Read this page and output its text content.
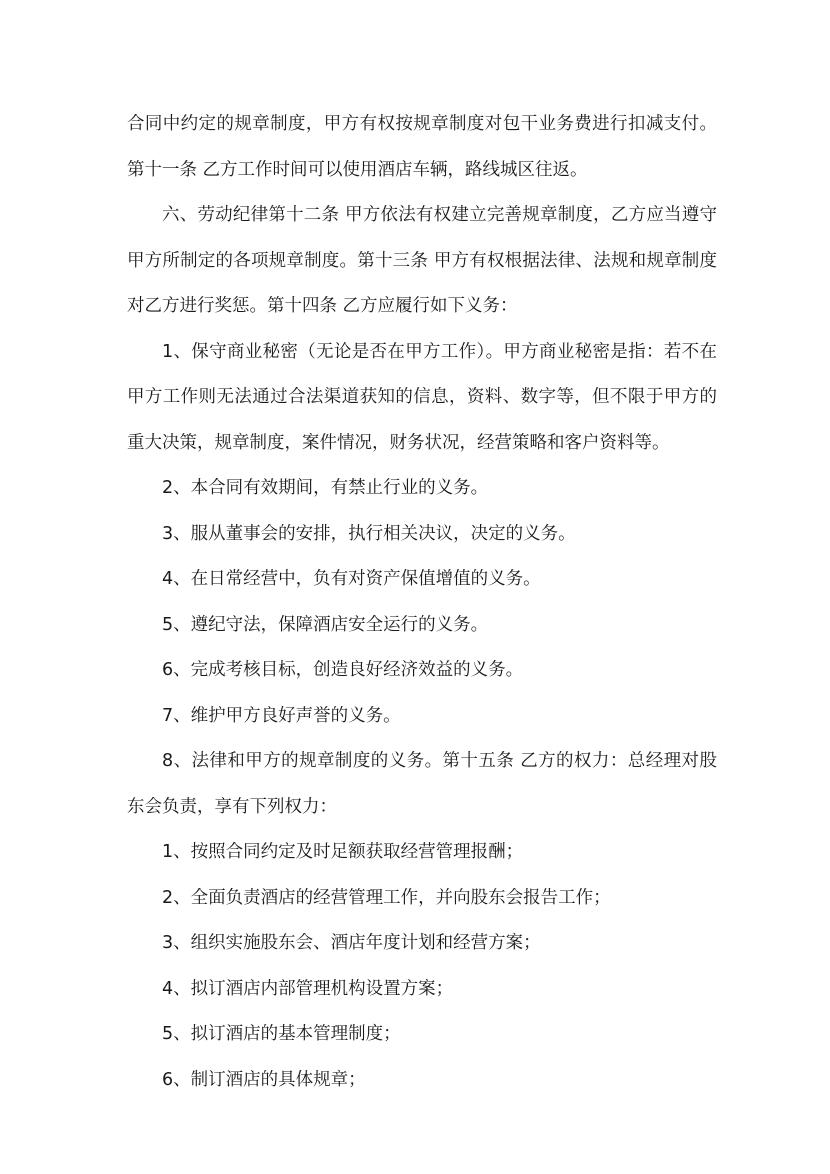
合同中约定的规章制度，甲方有权按规章制度对包干业务费进行扣减支付。第十一条 乙方工作时间可以使用酒店车辆，路线城区往返。

六、劳动纪律第十二条 甲方依法有权建立完善规章制度，乙方应当遵守甲方所制定的各项规章制度。第十三条 甲方有权根据法律、法规和规章制度对乙方进行奖惩。第十四条 乙方应履行如下义务：

1、保守商业秘密（无论是否在甲方工作）。甲方商业秘密是指：若不在甲方工作则无法通过合法渠道获知的信息，资料、数字等，但不限于甲方的重大决策，规章制度，案件情况，财务状况，经营策略和客户资料等。

2、本合同有效期间，有禁止行业的义务。

3、服从董事会的安排，执行相关决议，决定的义务。

4、在日常经营中，负有对资产保值增值的义务。

5、遵纪守法，保障酒店安全运行的义务。

6、完成考核目标，创造良好经济效益的义务。

7、维护甲方良好声誉的义务。

8、法律和甲方的规章制度的义务。第十五条 乙方的权力：总经理对股东会负责，享有下列权力：

1、按照合同约定及时足额获取经营管理报酬；

2、全面负责酒店的经营管理工作，并向股东会报告工作；

3、组织实施股东会、酒店年度计划和经营方案；

4、拟订酒店内部管理机构设置方案；

5、拟订酒店的基本管理制度；

6、制订酒店的具体规章；
